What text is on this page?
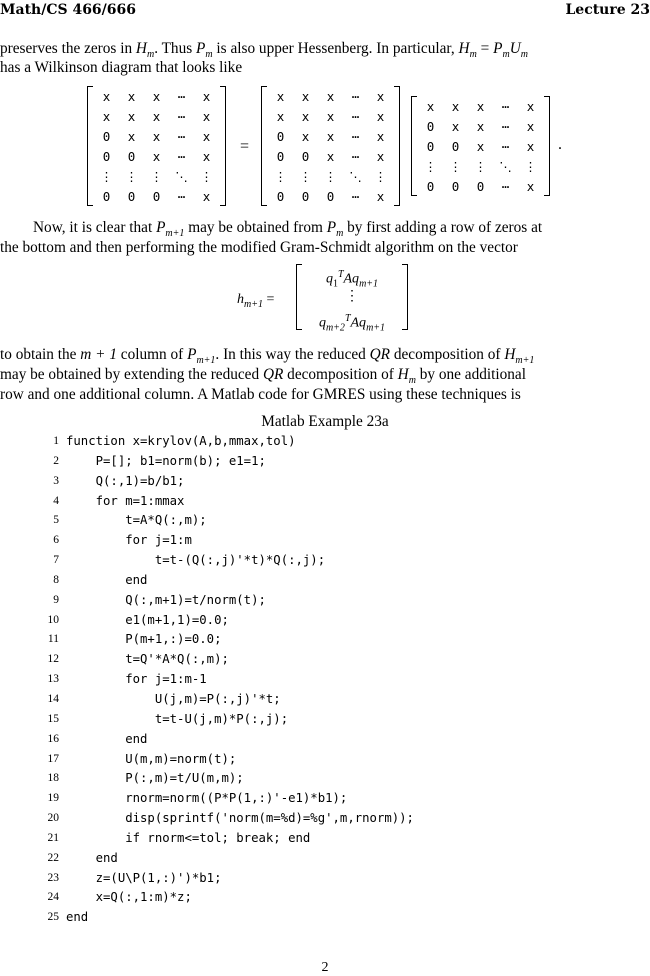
Math/CS 466/666	Lecture 23
preserves the zeros in $H_m$. Thus $P_m$ is also upper Hessenberg. In particular, $H_m = P_mU_m$
has a Wilkinson diagram that looks like
x	x	x	⋯	x
x	x	x	⋯	x
0	x	x	⋯	x
0	0	x	⋯	x
⋮	⋮	⋮	⋱	⋮
0	0	0	⋯	x
=
x	x	x	⋯	x
x	x	x	⋯	x
0	x	x	⋯	x
0	0	x	⋯	x
⋮	⋮	⋮	⋱	⋮
0	0	0	⋯	x
x	x	x	⋯	x
0	x	x	⋯	x
0	0	x	⋯	x
⋮	⋮	⋮	⋱	⋮
0	0	0	⋯	x
.
Now, it is clear that $P_{m+1}$ may be obtained from $P_m$ by first adding a row of zeros at
the bottom and then performing the modified Gram-Schmidt algorithm on the vector
$h_{m+1}$ =
$q_1^TAq_{m+1}$
⋮
$q_{m+2}^TAq_{m+1}$
to obtain the m + 1 column of $P_{m+1}$. In this way the reduced QR decomposition of $H_{m+1}$
may be obtained by extending the reduced QR decomposition of $H_m$ by one additional
row and one additional column. A Matlab code for GMRES using these techniques is
Matlab Example 23a
1 function x=krylov(A,b,mmax,tol)
2 P=[]; b1=norm(b); e1=1;
3 Q(:,1)=b/b1;
4 for m=1:mmax
5 t=A*Q(:,m);
6 for j=1:m
7 t=t-(Q(:,j)'*t)*Q(:,j);
8 end
9 Q(:,m+1)=t/norm(t);
10 e1(m+1,1)=0.0;
11 P(m+1,:)=0.0;
12 t=Q'*A*Q(:,m);
13 for j=1:m-1
14 U(j,m)=P(:,j)'*t;
15 t=t-U(j,m)*P(:,j);
16 end
17 U(m,m)=norm(t);
18 P(:,m)=t/U(m,m);
19 rnorm=norm((P*P(1,:)'-e1)*b1);
20 disp(sprintf('norm(m=%d)=%g',m,rnorm));
21 if rnorm<=tol; break; end
22 end
23 z=(U\P(1,:)')*b1;
24 x=Q(:,1:m)*z;
25 end
2
